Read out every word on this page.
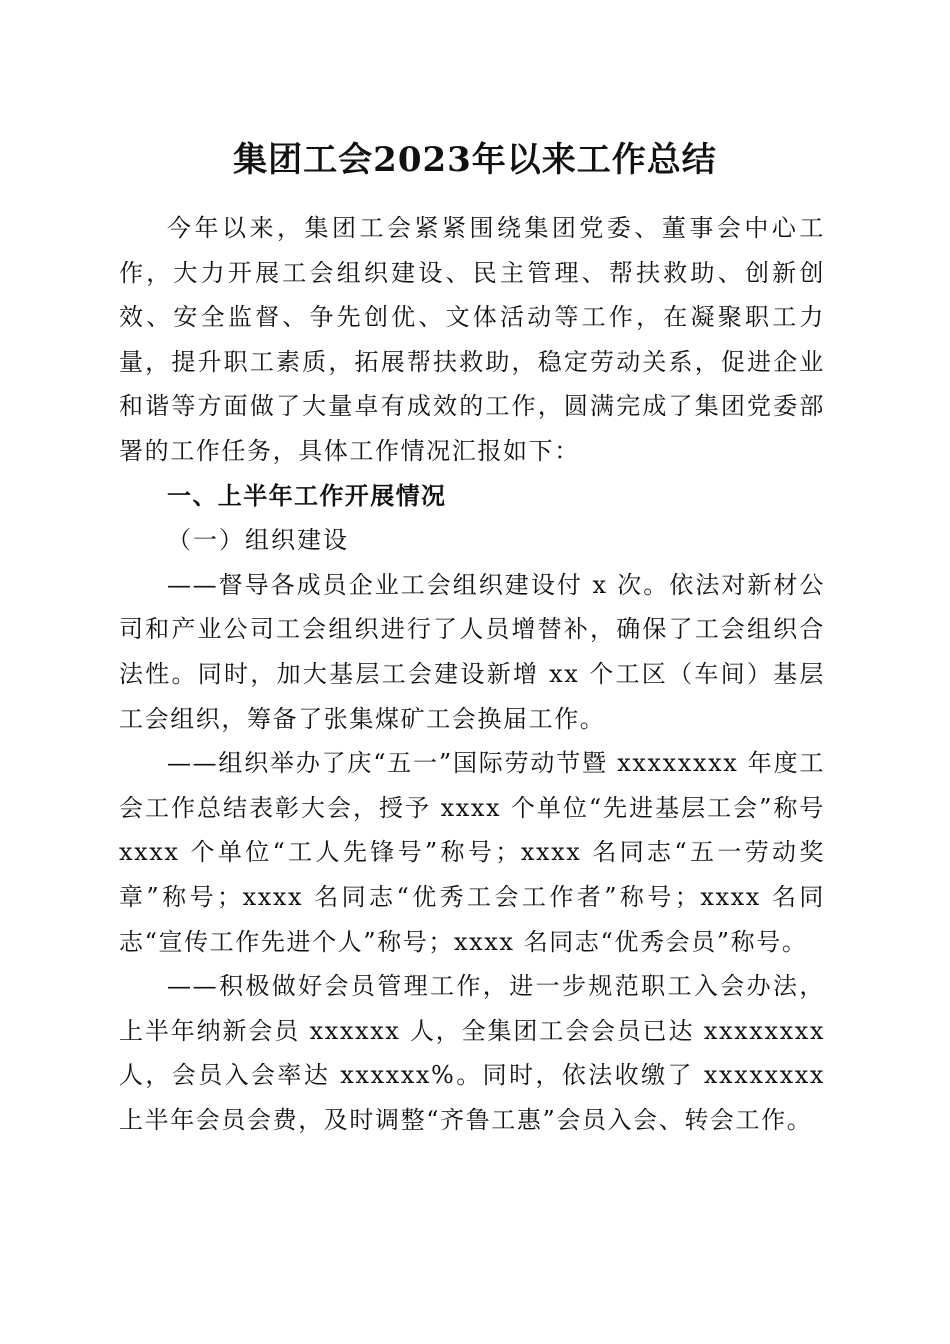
集团工会2023年以来工作总结

今年以来，集团工会紧紧围绕集团党委、董事会中心工作，大力开展工会组织建设、民主管理、帮扶救助、创新创效、安全监督、争先创优、文体活动等工作，在凝聚职工力量，提升职工素质，拓展帮扶救助，稳定劳动关系，促进企业和谐等方面做了大量卓有成效的工作，圆满完成了集团党委部署的工作任务，具体工作情况汇报如下：

一、上半年工作开展情况

（一）组织建设

——督导各成员企业工会组织建设付 x 次。依法对新材公司和产业公司工会组织进行了人员增替补，确保了工会组织合法性。同时，加大基层工会建设新增 xx 个工区（车间）基层工会组织，筹备了张集煤矿工会换届工作。

——组织举办了庆“五一”国际劳动节暨 xxxxxxxx 年度工会工作总结表彰大会，授予 xxxx 个单位“先进基层工会”称号 xxxx 个单位“工人先锋号”称号；xxxx 名同志“五一劳动奖章”称号；xxxx 名同志“优秀工会工作者”称号；xxxx 名同志“宣传工作先进个人”称号；xxxx 名同志“优秀会员”称号。

——积极做好会员管理工作，进一步规范职工入会办法，上半年纳新会员 xxxxxx 人，全集团工会会员已达 xxxxxxxx 人，会员入会率达 xxxxxx%。同时，依法收缴了 xxxxxxxx 上半年会员会费，及时调整“齐鲁工惠”会员入会、转会工作。
